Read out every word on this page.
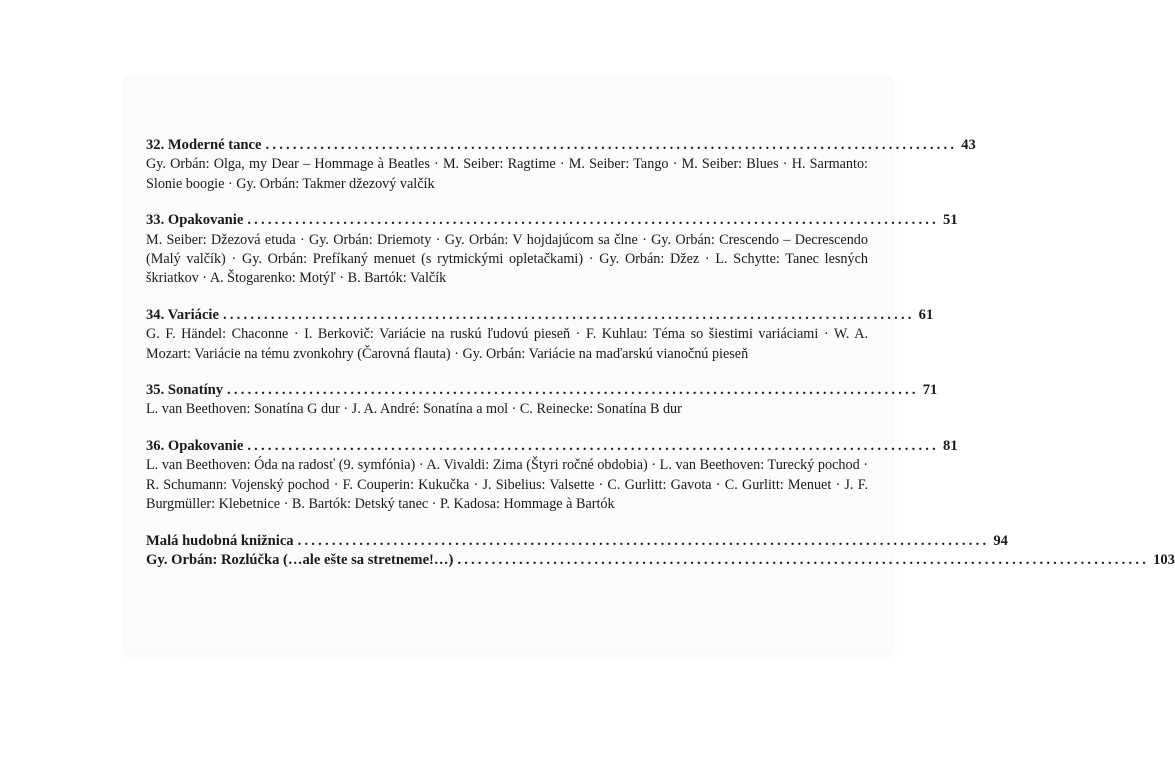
32. Moderné tance ..................................................................................................... 43
Gy. Orbán: Olga, my Dear – Hommage à Beatles · M. Seiber: Ragtime · M. Seiber: Tango · M. Seiber: Blues · H. Sarmanto: Slonie boogie · Gy. Orbán: Takmer džezový valčík
33. Opakovanie ..................................................................................................... 51
M. Seiber: Džezová etuda · Gy. Orbán: Driemoty · Gy. Orbán: V hojdajúcom sa člne · Gy. Orbán: Crescendo – Decrescendo (Malý valčík) · Gy. Orbán: Prefíkaný menuet (s rytmickými opletačkami) · Gy. Orbán: Džez · L. Schytte: Tanec lesných škriatkov · A. Štogarenko: Motýľ · B. Bartók: Valčík
34. Variácie ..................................................................................................... 61
G. F. Händel: Chaconne · I. Berkovič: Variácie na ruskú ľudovú pieseň · F. Kuhlau: Téma so šiestimi variáciami · W. A. Mozart: Variácie na tému zvonkohry (Čarovná flauta) · Gy. Orbán: Variácie na maďarskú vianočnú pieseň
35. Sonatíny ..................................................................................................... 71
L. van Beethoven: Sonatína G dur · J. A. André: Sonatína a mol · C. Reinecke: Sonatína B dur
36. Opakovanie ..................................................................................................... 81
L. van Beethoven: Óda na radosť (9. symfónia) · A. Vivaldi: Zima (Štyri ročné obdobia) · L. van Beethoven: Turecký pochod · R. Schumann: Vojenský pochod · F. Couperin: Kukučka · J. Sibelius: Valsette · C. Gurlitt: Gavota · C. Gurlitt: Menuet · J. F. Burgmüller: Klebetnice · B. Bartók: Detský tanec · P. Kadosa: Hommage à Bartók
Malá hudobná knižnica ..................................................................................................... 94
Gy. Orbán: Rozlúčka (…ale ešte sa stretneme!…) ..................................................................................................... 103
